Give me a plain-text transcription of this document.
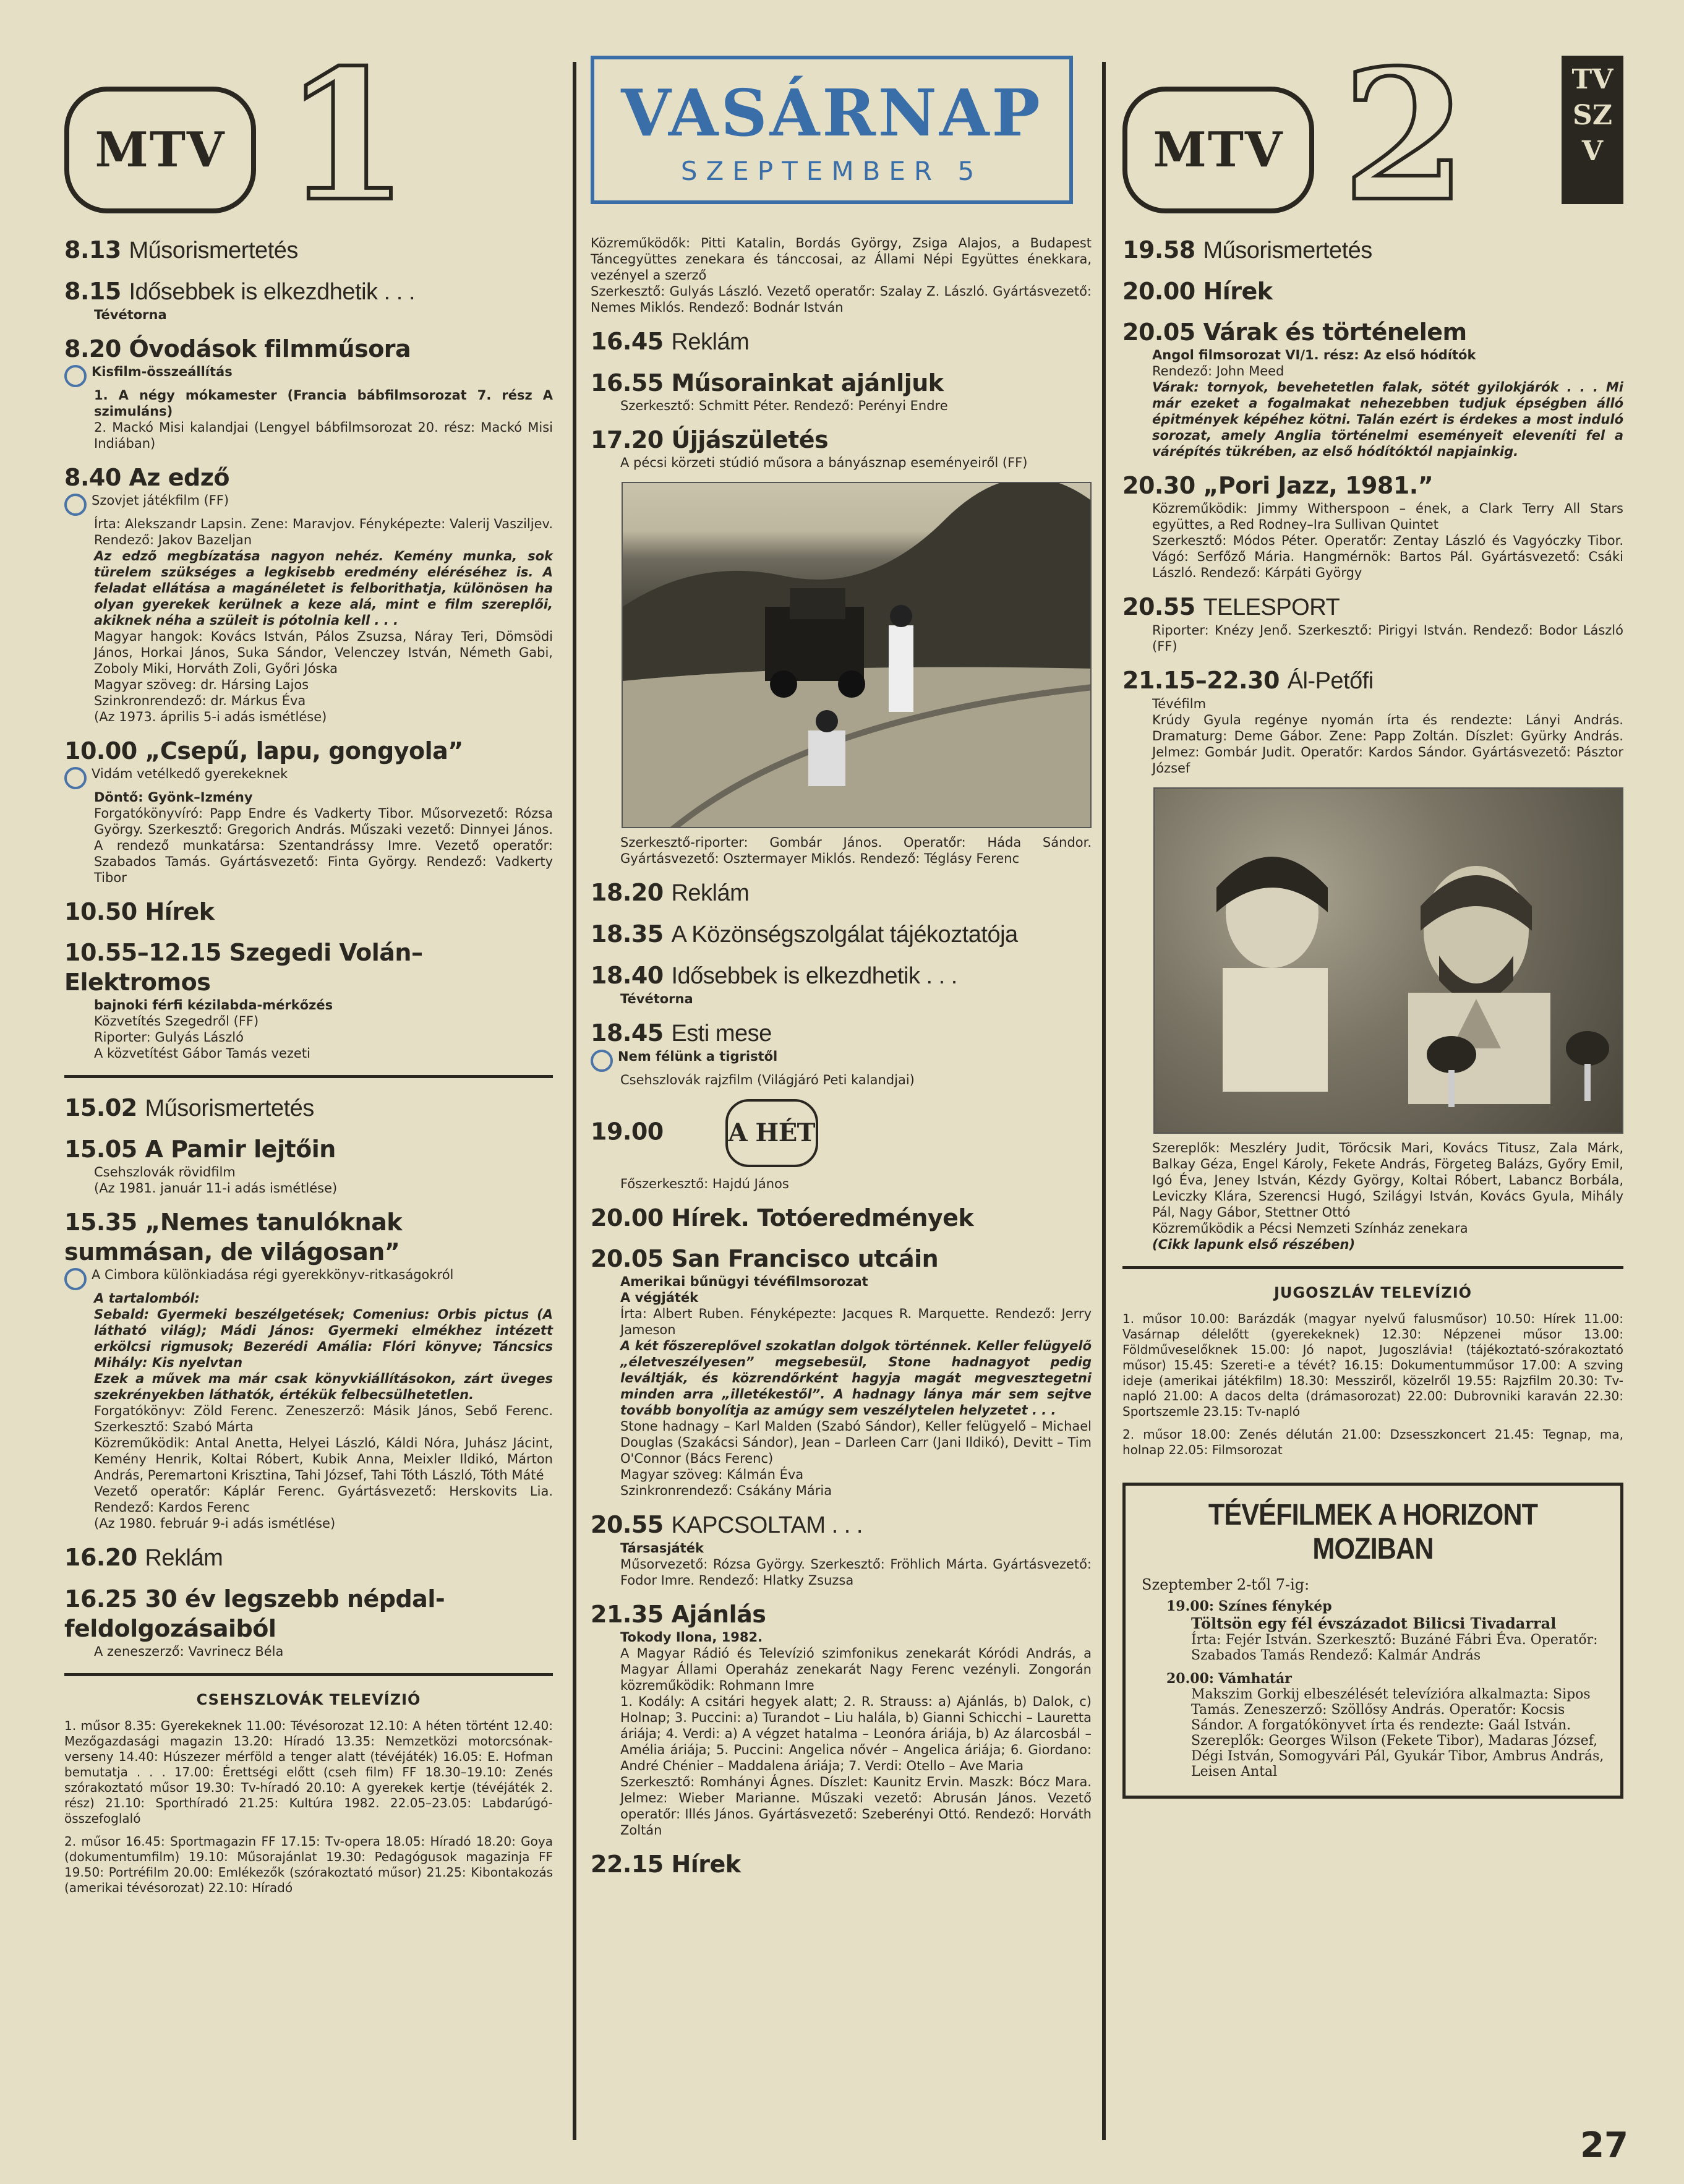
MTV 1
8.13 Műsorismertetés
8.15 Idősebbek is elkezdhetik . . .
Tévétorna
8.20 Óvodások filmműsora
Kisfilm-összeállítás
1. A négy mókamester (Francia bábfilmsorozat 7. rész A szimuláns)
2. Mackó Misi kalandjai (Lengyel bábfilmsorozat 20. rész: Mackó Misi Indiában)
8.40 Az edző
Szovjet játékfilm (FF)
Írta: Alekszandr Lapsin. Zene: Maravjov. Fényképezte: Valerij Vasziljev. Rendező: Jakov Bazeljan
Az edző megbízatása nagyon nehéz. Kemény munka, sok türelem szükséges a legkisebb eredmény eléréséhez is. A feladat ellátása a magánéletet is felborithatja, különösen ha olyan gyerekek kerülnek a keze alá, mint e film szereplői, akiknek néha a szüleit is pótolnia kell . . .
Magyar hangok: Kovács István, Pálos Zsuzsa, Náray Teri, Dömsödi János, Horkai János, Suka Sándor, Velenczey István, Németh Gabi, Zoboly Miki, Horváth Zoli, Győri Jóska
Magyar szöveg: dr. Hársing Lajos
Szinkronrendező: dr. Márkus Éva
(Az 1973. április 5-i adás ismétlése)
10.00 „Csepű, lapu, gongyola”
Vidám vetélkedő gyerekeknek
Döntő: Gyönk–Izmény
Forgatókönyvíró: Papp Endre és Vadkerty Tibor. Műsorvezető: Rózsa György. Szerkesztő: Gregorich András. Műszaki vezető: Dinnyei János. A rendező munkatársa: Szentandrássy Imre. Vezető operatőr: Szabados Tamás. Gyártásvezető: Finta György. Rendező: Vadkerty Tibor
10.50 Hírek
10.55–12.15 Szegedi Volán–Elektromos
bajnoki férfi kézilabda-mérkőzés
Közvetítés Szegedről (FF)
Riporter: Gulyás László
A közvetítést Gábor Tamás vezeti
15.02 Műsorismertetés
15.05 A Pamir lejtőin
Csehszlovák rövidfilm
(Az 1981. január 11-i adás ismétlése)
15.35 „Nemes tanulóknak summásan, de világosan”
A Cimbora különkiadása régi gyerekkönyv-ritkaságokról
A tartalomból:
Sebald: Gyermeki beszélgetések; Comenius: Orbis pictus (A látható világ); Mádi János: Gyermeki elmékhez intézett erkölcsi rigmusok; Bezerédi Amália: Flóri könyve; Táncsics Mihály: Kis nyelvtan
Ezek a művek ma már csak könyvkiállításokon, zárt üveges szekrényekben láthatók, értékük felbecsülhetetlen.
Forgatókönyv: Zöld Ferenc. Zeneszerző: Másik János, Sebő Ferenc. Szerkesztő: Szabó Márta
Közreműködik: Antal Anetta, Helyei László, Káldi Nóra, Juhász Jácint, Kemény Henrik, Koltai Róbert, Kubik Anna, Meixler Ildikó, Márton András, Peremartoni Krisztina, Tahi József, Tahi Tóth László, Tóth Máté
Vezető operatőr: Káplár Ferenc. Gyártásvezető: Herskovits Lia. Rendező: Kardos Ferenc
(Az 1980. február 9-i adás ismétlése)
16.20 Reklám
16.25 30 év legszebb népdal-feldolgozásaiból
A zeneszerző: Vavrinecz Béla
CSEHSZLOVÁK TELEVÍZIÓ
1. műsor 8.35: Gyerekeknek 11.00: Tévésorozat 12.10: A héten történt 12.40: Mezőgazdasági magazin 13.20: Híradó 13.35: Nemzetközi motorcsónak-verseny 14.40: Húszezer mérföld a tenger alatt (tévéjáték) 16.05: E. Hofman bemutatja . . . 17.00: Érettségi előtt (cseh film) FF 18.30–19.10: Zenés szórakoztató műsor 19.30: Tv-híradó 20.10: A gyerekek kertje (tévéjáték 2. rész) 21.10: Sporthíradó 21.25: Kultúra 1982. 22.05–23.05: Labdarúgó-összefoglaló
2. műsor 16.45: Sportmagazin FF 17.15: Tv-opera 18.05: Híradó 18.20: Goya (dokumentumfilm) 19.10: Műsorajánlat 19.30: Pedagógusok magazinja FF 19.50: Portréfilm 20.00: Emlékezők (szórakoztató műsor) 21.25: Kibontakozás (amerikai tévésorozat) 22.10: Híradó
VASÁRNAP
SZEPTEMBER 5
Közreműködők: Pitti Katalin, Bordás György, Zsiga Alajos, a Budapest Táncegyüttes zenekara és tánccosai, az Állami Népi Együttes énekkara, vezényel a szerző
Szerkesztő: Gulyás László. Vezető operatőr: Szalay Z. László. Gyártásvezető: Nemes Miklós. Rendező: Bodnár István
16.45 Reklám
16.55 Műsorainkat ajánljuk
Szerkesztő: Schmitt Péter. Rendező: Perényi Endre
17.20 Újjászületés
A pécsi körzeti stúdió műsora a bányásznap eseményeiről (FF)
Szerkesztő-riporter: Gombár János. Operatőr: Háda Sándor. Gyártásvezető: Osztermayer Miklós. Rendező: Téglásy Ferenc
18.20 Reklám
18.35 A Közönségszolgálat tájékoztatója
18.40 Idősebbek is elkezdhetik . . .
Tévétorna
18.45 Esti mese
Nem félünk a tigristől
Csehszlovák rajzfilm (Világjáró Peti kalandjai)
19.00	A HÉT
Főszerkesztő: Hajdú János
20.00 Hírek. Totóeredmények
20.05 San Francisco utcáin
Amerikai bűnügyi tévéfilmsorozat
A végjáték
Írta: Albert Ruben. Fényképezte: Jacques R. Marquette. Rendező: Jerry Jameson
A két főszereplővel szokatlan dolgok történnek. Keller felügyelő „életveszélyesen” megsebesül, Stone hadnagyot pedig leváltják, és közrendőrként hagyja magát megvesztegetni minden arra „illetékestől”. A hadnagy lánya már sem sejtve tovább bonyolítja az amúgy sem veszélytelen helyzetet . . .
Stone hadnagy – Karl Malden (Szabó Sándor), Keller felügyelő – Michael Douglas (Szakácsi Sándor), Jean – Darleen Carr (Jani Ildikó), Devitt – Tim O'Connor (Bács Ferenc)
Magyar szöveg: Kálmán Éva
Szinkronrendező: Csákány Mária
20.55 KAPCSOLTAM . . .
Társasjáték
Műsorvezető: Rózsa György. Szerkesztő: Fröhlich Márta. Gyártásvezető: Fodor Imre. Rendező: Hlatky Zsuzsa
21.35 Ajánlás
Tokody Ilona, 1982.
A Magyar Rádió és Televízió szimfonikus zenekarát Kóródi András, a Magyar Állami Operaház zenekarát Nagy Ferenc vezényli. Zongorán közreműködik: Rohmann Imre
1. Kodály: A csitári hegyek alatt; 2. R. Strauss: a) Ajánlás, b) Dalok, c) Holnap; 3. Puccini: a) Turandot – Liu halála, b) Gianni Schicchi – Lauretta áriája; 4. Verdi: a) A végzet hatalma – Leonóra áriája, b) Az álarcosbál – Amélia áriája; 5. Puccini: Angelica nővér – Angelica áriája; 6. Giordano: André Chénier – Maddalena áriája; 7. Verdi: Otello – Ave Maria
Szerkesztő: Romhányi Ágnes. Díszlet: Kaunitz Ervin. Maszk: Bócz Mara. Jelmez: Wieber Marianne. Műszaki vezető: Abrusán János. Vezető operatőr: Illés János. Gyártásvezető: Szeberényi Ottó. Rendező: Horváth Zoltán
22.15 Hírek
MTV 2	TV
SZ
V
19.58 Műsorismertetés
20.00 Hírek
20.05 Várak és történelem
Angol filmsorozat VI/1. rész: Az első hódítók
Rendező: John Meed
Várak: tornyok, bevehetetlen falak, sötét gyilokjárók . . . Mi már ezeket a fogalmakat nehezebben tudjuk épségben álló épitmények képéhez kötni. Talán ezért is érdekes a most induló sorozat, amely Anglia történelmi eseményeit eleveníti fel a várépítés tükrében, az első hódítóktól napjainkig.
20.30 „Pori Jazz, 1981.”
Közreműködik: Jimmy Witherspoon – ének, a Clark Terry All Stars együttes, a Red Rodney–Ira Sullivan Quintet
Szerkesztő: Módos Péter. Operatőr: Zentay László és Vagyóczky Tibor. Vágó: Serfőző Mária. Hangmérnök: Bartos Pál. Gyártásvezető: Csáki László. Rendező: Kárpáti György
20.55 TELESPORT
Riporter: Knézy Jenő. Szerkesztő: Pirigyi István. Rendező: Bodor László (FF)
21.15–22.30 Ál-Petőfi
Tévéfilm
Krúdy Gyula regénye nyomán írta és rendezte: Lányi András. Dramaturg: Deme Gábor. Zene: Papp Zoltán. Díszlet: Gyürky András. Jelmez: Gombár Judit. Operatőr: Kardos Sándor. Gyártásvezető: Pásztor József
Szereplők: Meszléry Judit, Törőcsik Mari, Kovács Titusz, Zala Márk, Balkay Géza, Engel Károly, Fekete András, Förgeteg Balázs, Győry Emil, Igó Éva, Jeney István, Kézdy György, Koltai Róbert, Labancz Borbála, Leviczky Klára, Szerencsi Hugó, Szilágyi István, Kovács Gyula, Mihály Pál, Nagy Gábor, Stettner Ottó
Közreműködik a Pécsi Nemzeti Színház zenekara
(Cikk lapunk első részében)
JUGOSZLÁV TELEVÍZIÓ
1. műsor 10.00: Barázdák (magyar nyelvű falusműsor) 10.50: Hírek 11.00: Vasárnap délelőtt (gyerekeknek) 12.30: Népzenei műsor 13.00: Földműveselőknek 15.00: Jó napot, Jugoszlávia! (tájékoztató-szórakoztató műsor) 15.45: Szereti-e a tévét? 16.15: Dokumentumműsor 17.00: A szving ideje (amerikai játékfilm) 18.30: Messziről, közelről 19.55: Rajzfilm 20.30: Tv-napló 21.00: A dacos delta (drámasorozat) 22.00: Dubrovniki karaván 22.30: Sportszemle 23.15: Tv-napló
2. műsor 18.00: Zenés délután 21.00: Dzsesszkoncert 21.45: Tegnap, ma, holnap 22.05: Filmsorozat
TÉVÉFILMEK A HORIZONT MOZIBAN
Szeptember 2-től 7-ig:
19.00: Színes fénykép
Töltsön egy fél évszázadot Bilicsi Tivadarral
Írta: Fejér István. Szerkesztő: Buzáné Fábri Éva. Operatőr: Szabados Tamás Rendező: Kalmár András
20.00: Vámhatár
Makszim Gorkij elbeszélését televízióra alkalmazta: Sipos Tamás. Zeneszerző: Szöllősy András. Operatőr: Kocsis Sándor. A forgatókönyvet írta és rendezte: Gaál István. Szereplők: Georges Wilson (Fekete Tibor), Madaras József, Dégi István, Somogyvári Pál, Gyukár Tibor, Ambrus András, Leisen Antal
27
